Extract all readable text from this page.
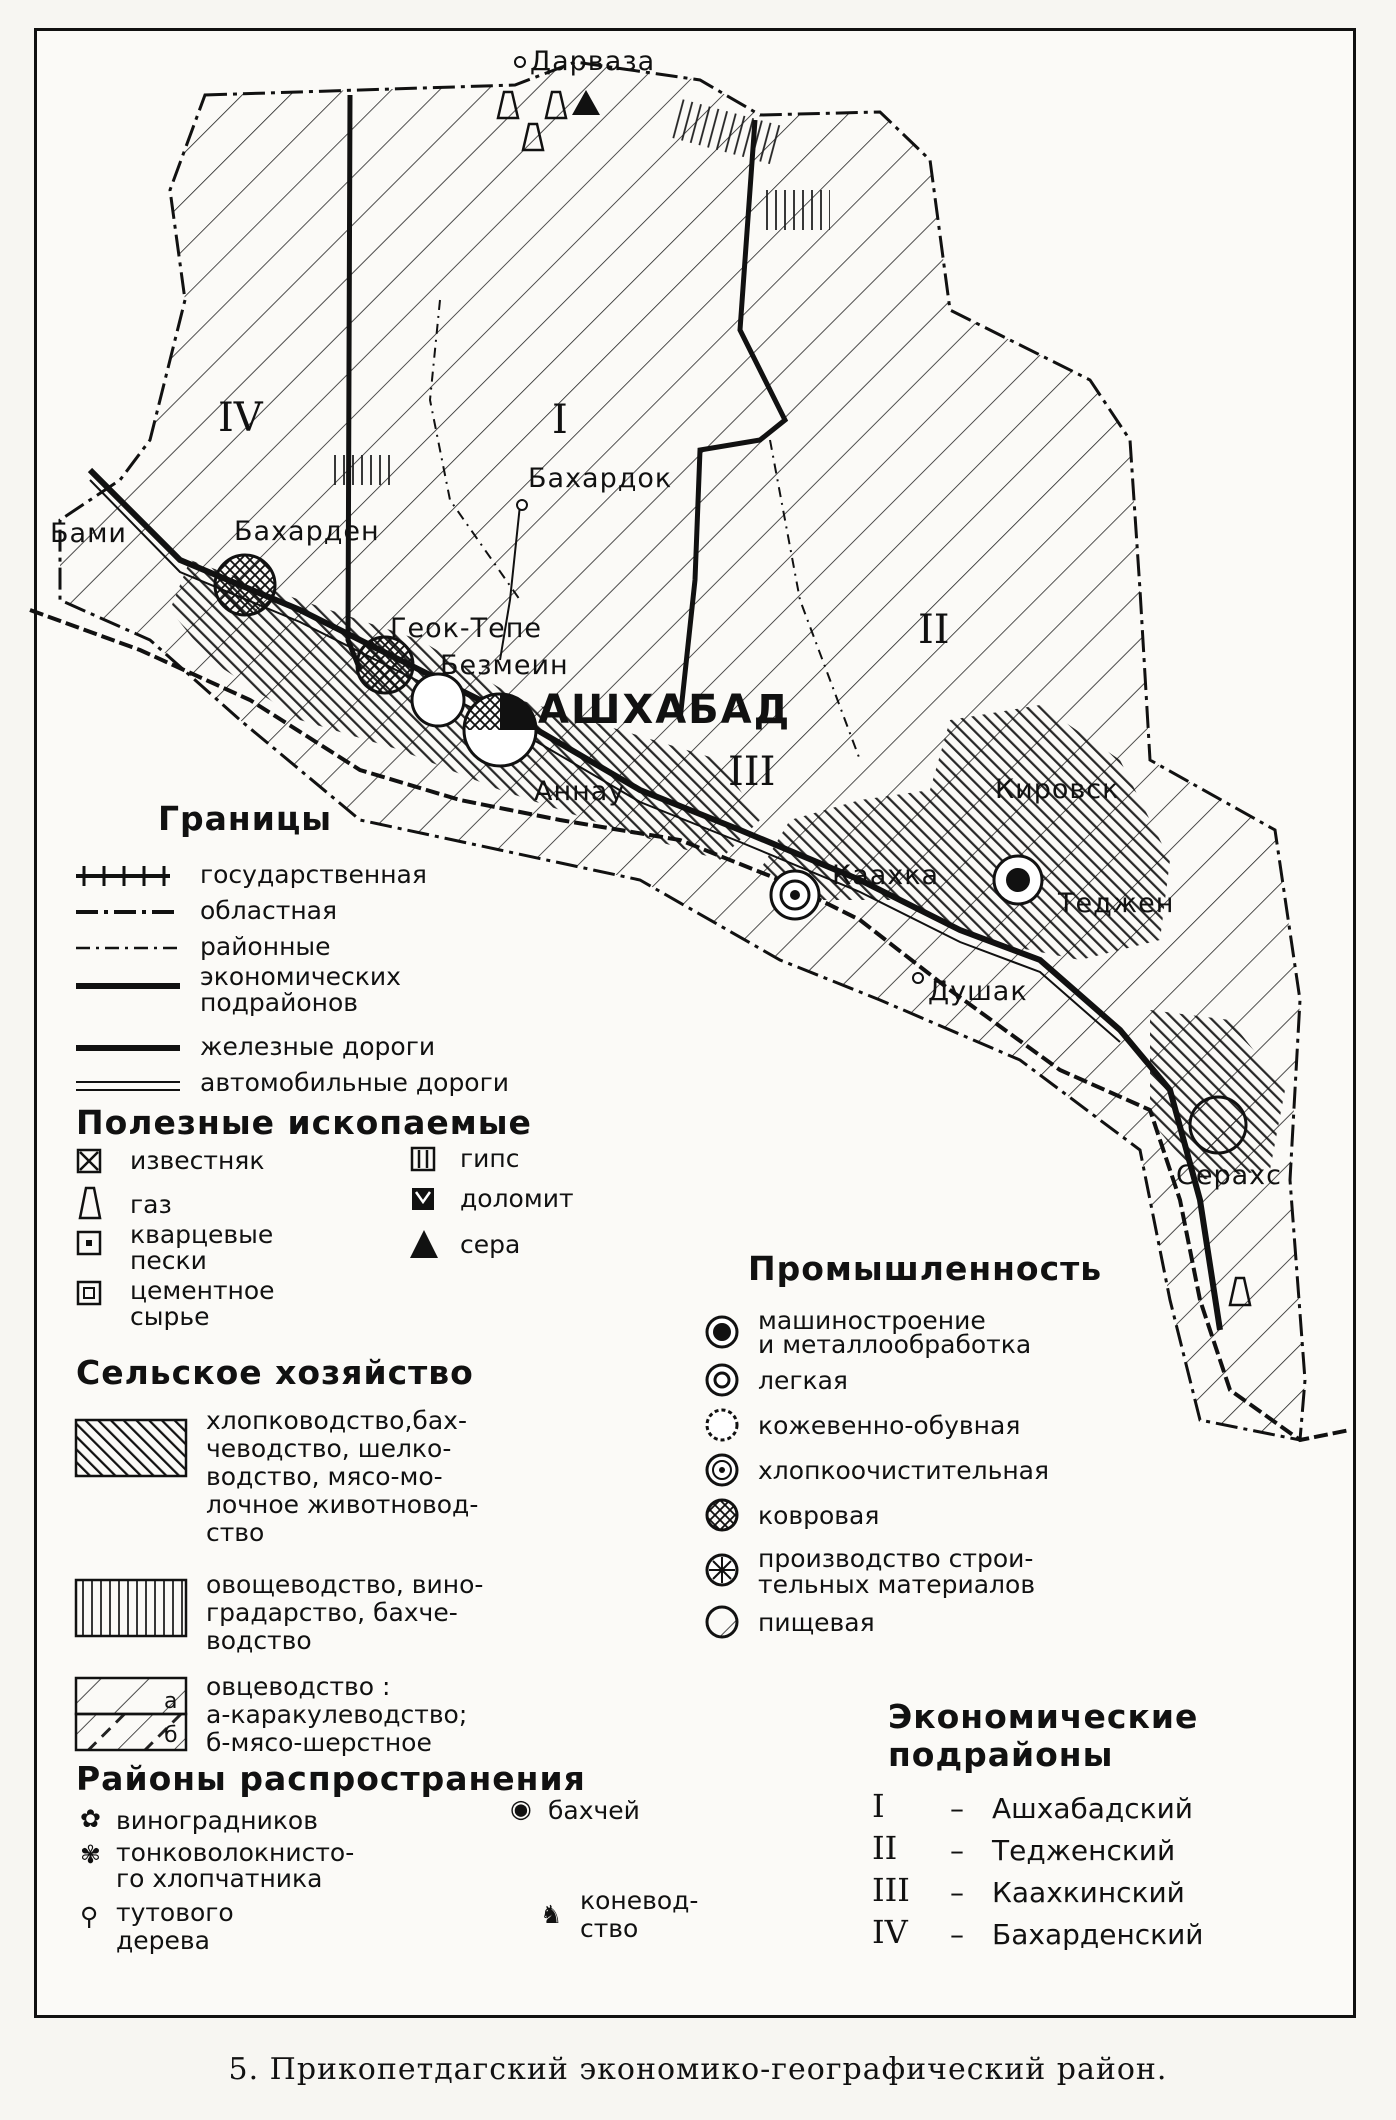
Дарваза
Бахардок
Бами	Бахарден
Геок-Тепе
Безмеин
АШХАБАД
Аннау	Кировск
Каахка
Теджен
Душак
Серахс
I
II
III
IV
Границы
государственная
областная
районные
экономических подрайонов
железные дороги
автомобильные дороги
Полезные ископаемые
известняк
газ
кварцевые
пески
цементное
сырье
гипс
доломит
сера
Сельское хозяйство
хлопководство,бах-
чеводство, шелко-
водство, мясо-мо-
лочное животновод-
ство
овощеводство, вино-
градарство, бахче-
водство
а
б
овцеводство :
а-каракулеводство;
б-мясо-шерстное
Районы распространения
✿ виноградников	◉ бахчей
✾ тонковолокнисто-
го хлопчатника
⚲ тутового
дерева
♞ коневод-
ство
Промышленность
машиностроение
и металлообработка
легкая
кожевенно-обувная
хлопкоочистительная
ковровая
производство строи-
тельных материалов
пищевая
Экономические
подрайоны
I – Ашхабадский
II – Теджeнский
III – Каахкинский
IV – Бахарденский
5. Прикопетдагский экономико-географический район.
